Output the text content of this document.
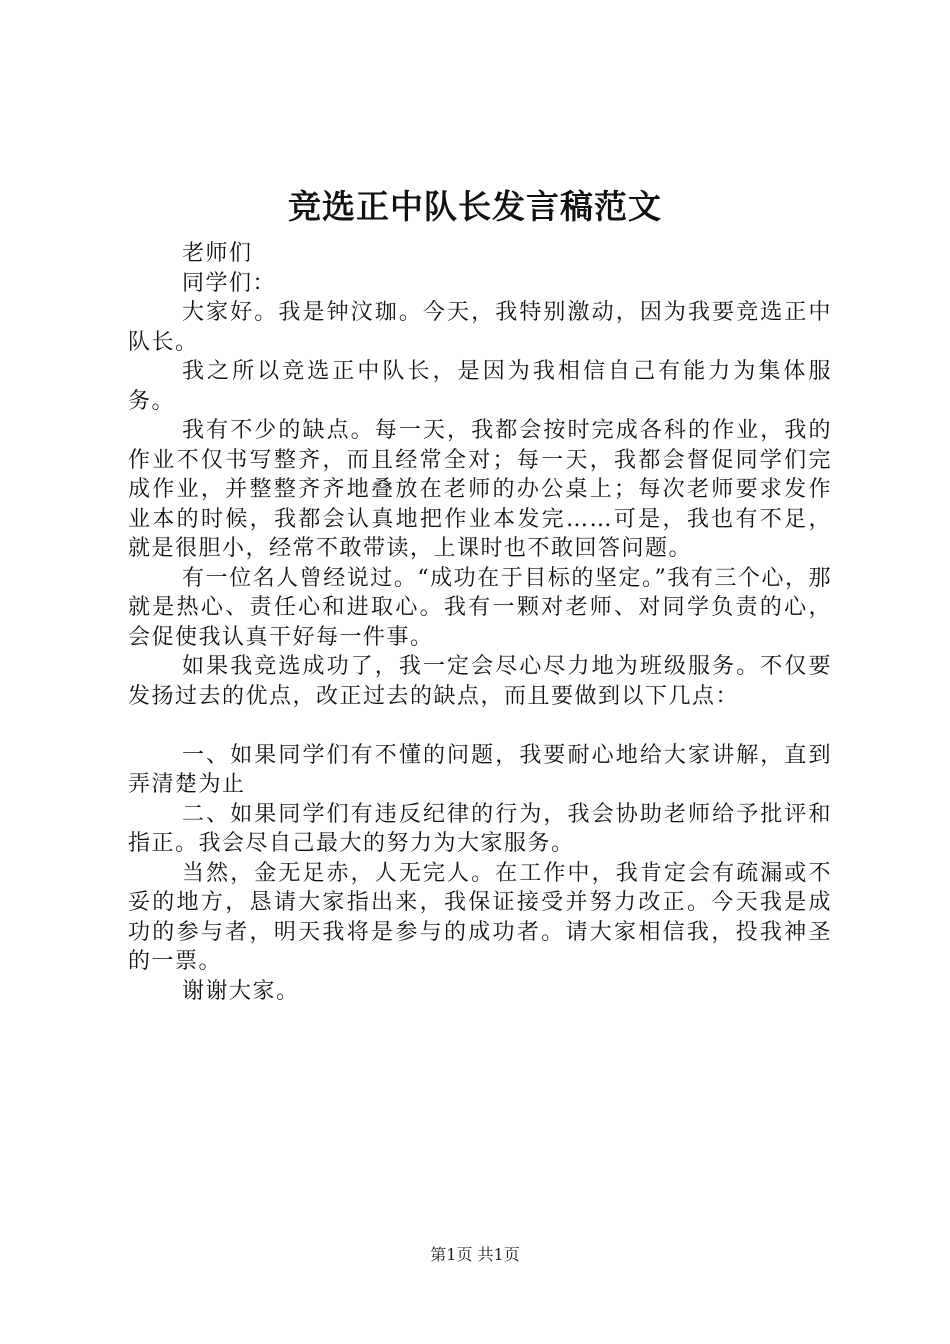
竞选正中队长发言稿范文

老师们

同学们：

大家好。我是钟汶珈。今天，我特别激动，因为我要竞选正中队长。

我之所以竞选正中队长，是因为我相信自己有能力为集体服务。

我有不少的缺点。每一天，我都会按时完成各科的作业，我的作业不仅书写整齐，而且经常全对；每一天，我都会督促同学们完成作业，并整整齐齐地叠放在老师的办公桌上；每次老师要求发作业本的时候，我都会认真地把作业本发完……可是，我也有不足，就是很胆小，经常不敢带读，上课时也不敢回答问题。

有一位名人曾经说过。“成功在于目标的坚定。”我有三个心，那就是热心、责任心和进取心。我有一颗对老师、对同学负责的心，会促使我认真干好每一件事。

如果我竞选成功了，我一定会尽心尽力地为班级服务。不仅要发扬过去的优点，改正过去的缺点，而且要做到以下几点：

一、如果同学们有不懂的问题，我要耐心地给大家讲解，直到弄清楚为止

二、如果同学们有违反纪律的行为，我会协助老师给予批评和指正。我会尽自己最大的努力为大家服务。

当然，金无足赤，人无完人。在工作中，我肯定会有疏漏或不妥的地方，恳请大家指出来，我保证接受并努力改正。今天我是成功的参与者，明天我将是参与的成功者。请大家相信我，投我神圣的一票。

谢谢大家。

第1页 共1页
